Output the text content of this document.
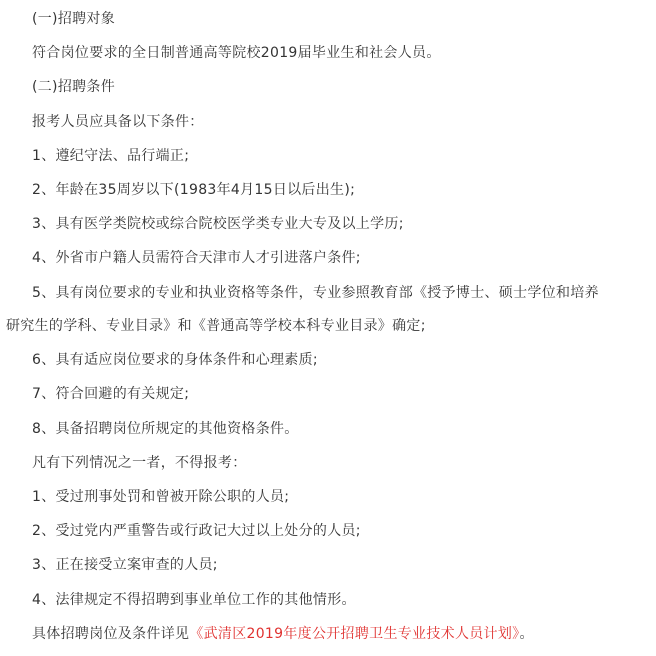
(一)招聘对象
符合岗位要求的全日制普通高等院校2019届毕业生和社会人员。
(二)招聘条件
报考人员应具备以下条件：
1、遵纪守法、品行端正;
2、年龄在35周岁以下(1983年4月15日以后出生);
3、具有医学类院校或综合院校医学类专业大专及以上学历;
4、外省市户籍人员需符合天津市人才引进落户条件;
5、具有岗位要求的专业和执业资格等条件，专业参照教育部《授予博士、硕士学位和培养
研究生的学科、专业目录》和《普通高等学校本科专业目录》确定;
6、具有适应岗位要求的身体条件和心理素质;
7、符合回避的有关规定;
8、具备招聘岗位所规定的其他资格条件。
凡有下列情况之一者，不得报考：
1、受过刑事处罚和曾被开除公职的人员;
2、受过党内严重警告或行政记大过以上处分的人员;
3、正在接受立案审查的人员;
4、法律规定不得招聘到事业单位工作的其他情形。
具体招聘岗位及条件详见《武清区2019年度公开招聘卫生专业技术人员计划》。
